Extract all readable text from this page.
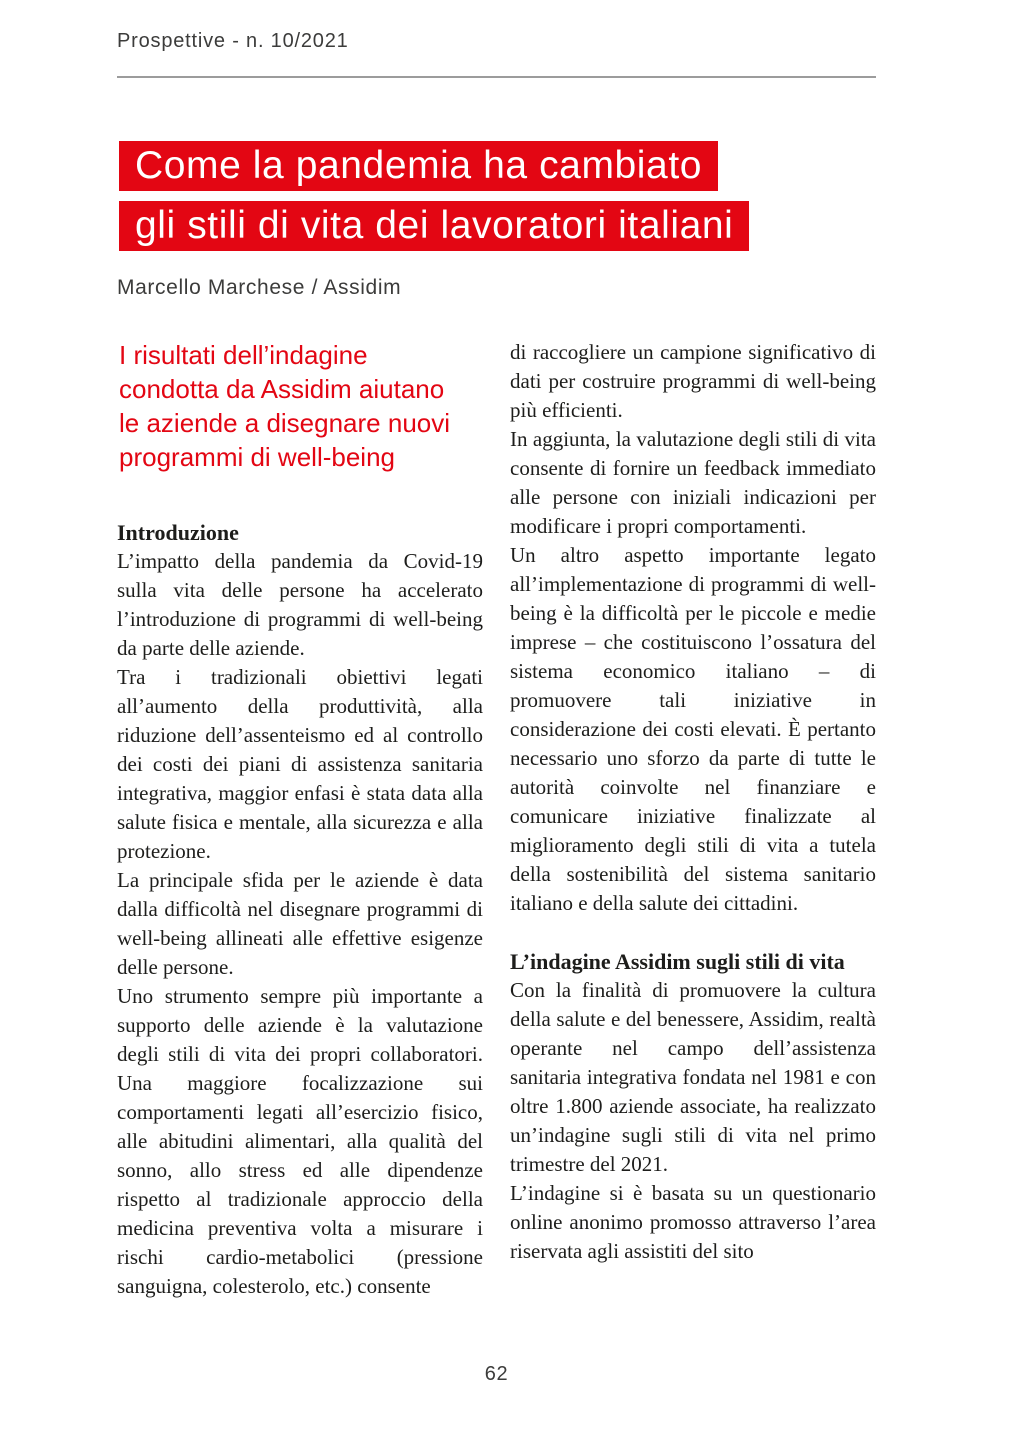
Prospettive - n. 10/2021
Come la pandemia ha cambiato
gli stili di vita dei lavoratori italiani
Marcello Marchese / Assidim
I risultati dell’indagine
condotta da Assidim aiutano
le aziende a disegnare nuovi
programmi di well-being
Introduzione

L’impatto della pandemia da Covid-19 sulla vita delle persone ha accelerato l’introduzione di programmi di well-being da parte delle aziende.

Tra i tradizionali obiettivi legati all’aumento della produttività, alla riduzione dell’assenteismo ed al controllo dei costi dei piani di assistenza sanitaria integrativa, maggior enfasi è stata data alla salute fisica e mentale, alla sicurezza e alla protezione.

La principale sfida per le aziende è data dalla difficoltà nel disegnare programmi di well-being allineati alle effettive esigenze delle persone.

Uno strumento sempre più importante a supporto delle aziende è la valutazione degli stili di vita dei propri collaboratori. Una maggiore focalizzazione sui comportamenti legati all’esercizio fisico, alle abitudini alimentari, alla qualità del sonno, allo stress ed alle dipendenze rispetto al tradizionale approccio della medicina preventiva volta a misurare i rischi cardio-metabolici (pressione sanguigna, colesterolo, etc.) consente

di raccogliere un campione significativo di dati per costruire programmi di well-being più efficienti.

In aggiunta, la valutazione degli stili di vita consente di fornire un feedback immediato alle persone con iniziali indicazioni per modificare i propri comportamenti.

Un altro aspetto importante legato all’implementazione di programmi di well-being è la difficoltà per le piccole e medie imprese – che costituiscono l’ossatura del sistema economico italiano – di promuovere tali iniziative in considerazione dei costi elevati. È pertanto necessario uno sforzo da parte di tutte le autorità coinvolte nel finanziare e comunicare iniziative finalizzate al miglioramento degli stili di vita a tutela della sostenibilità del sistema sanitario italiano e della salute dei cittadini.

L’indagine Assidim sugli stili di vita

Con la finalità di promuovere la cultura della salute e del benessere, Assidim, realtà operante nel campo dell’assistenza sanitaria integrativa fondata nel 1981 e con oltre 1.800 aziende associate, ha realizzato un’indagine sugli stili di vita nel primo trimestre del 2021.

L’indagine si è basata su un questionario online anonimo promosso attraverso l’area riservata agli assistiti del sito

62
